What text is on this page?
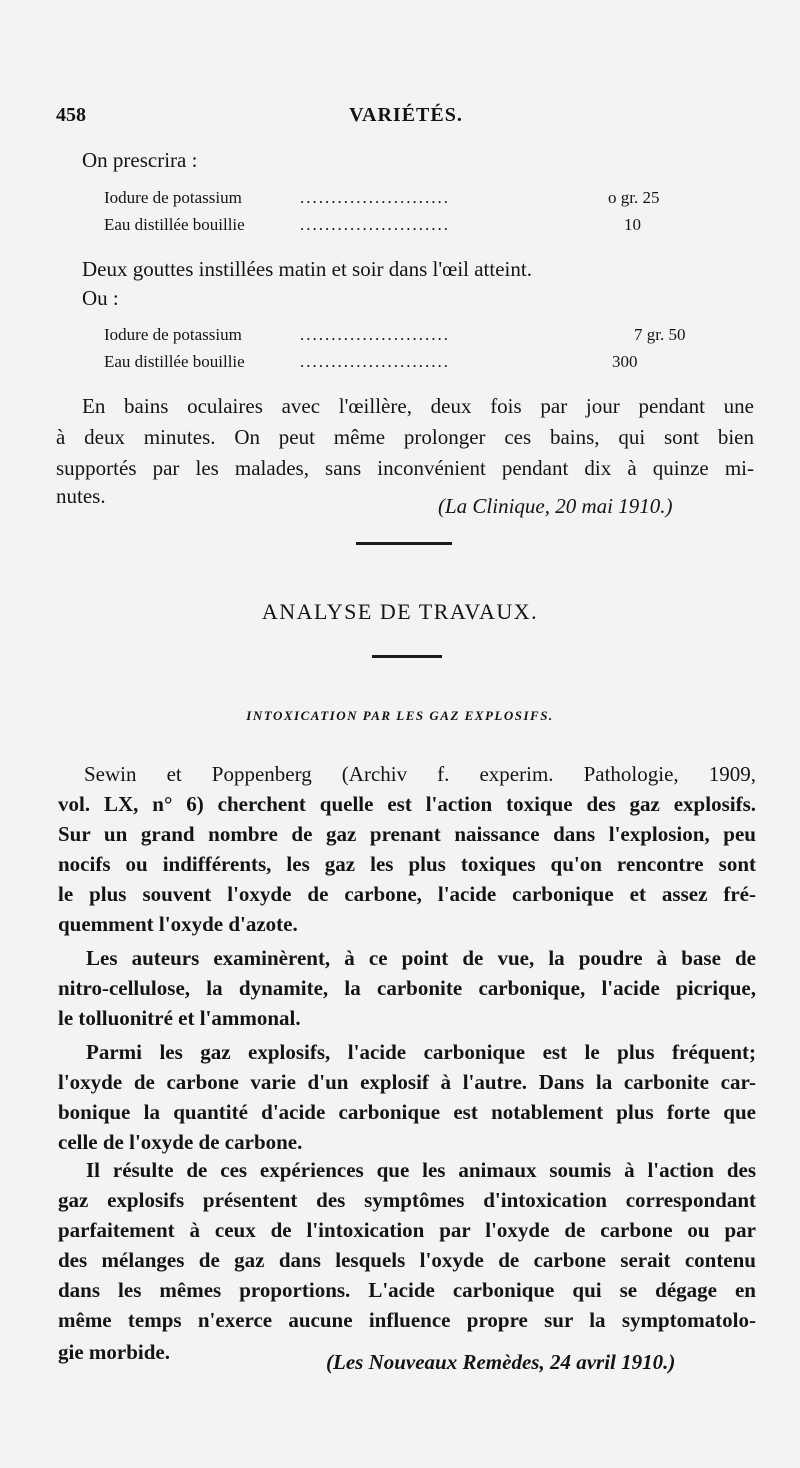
458	VARIÉTÉS.
On prescrira :
Iodure de potassium	........................	o gr. 25
Eau distillée bouillie	........................	10
Deux gouttes instillées matin et soir dans l'œil atteint.
Ou :
Iodure de potassium	........................	7 gr. 50
Eau distillée bouillie	........................	300
En bains oculaires avec l'œillère, deux fois par jour pendant une
à deux minutes. On peut même prolonger ces bains, qui sont bien
supportés par les malades, sans inconvénient pendant dix à quinze mi-
nutes.	(La Clinique, 20 mai 1910.)
ANALYSE DE TRAVAUX.
INTOXICATION PAR LES GAZ EXPLOSIFS.
Sewin et Poppenberg (Archiv f. experim. Pathologie, 1909,
vol. LX, n° 6) cherchent quelle est l'action toxique des gaz explosifs.
Sur un grand nombre de gaz prenant naissance dans l'explosion, peu
nocifs ou indifférents, les gaz les plus toxiques qu'on rencontre sont
le plus souvent l'oxyde de carbone, l'acide carbonique et assez fré-
quemment l'oxyde d'azote.
Les auteurs examinèrent, à ce point de vue, la poudre à base de
nitro-cellulose, la dynamite, la carbonite carbonique, l'acide picrique,
le tolluonitré et l'ammonal.
Parmi les gaz explosifs, l'acide carbonique est le plus fréquent;
l'oxyde de carbone varie d'un explosif à l'autre. Dans la carbonite car-
bonique la quantité d'acide carbonique est notablement plus forte que
celle de l'oxyde de carbone.
Il résulte de ces expériences que les animaux soumis à l'action des
gaz explosifs présentent des symptômes d'intoxication correspondant
parfaitement à ceux de l'intoxication par l'oxyde de carbone ou par
des mélanges de gaz dans lesquels l'oxyde de carbone serait contenu
dans les mêmes proportions. L'acide carbonique qui se dégage en
même temps n'exerce aucune influence propre sur la symptomatolo-
gie morbide.	(Les Nouveaux Remèdes, 24 avril 1910.)
